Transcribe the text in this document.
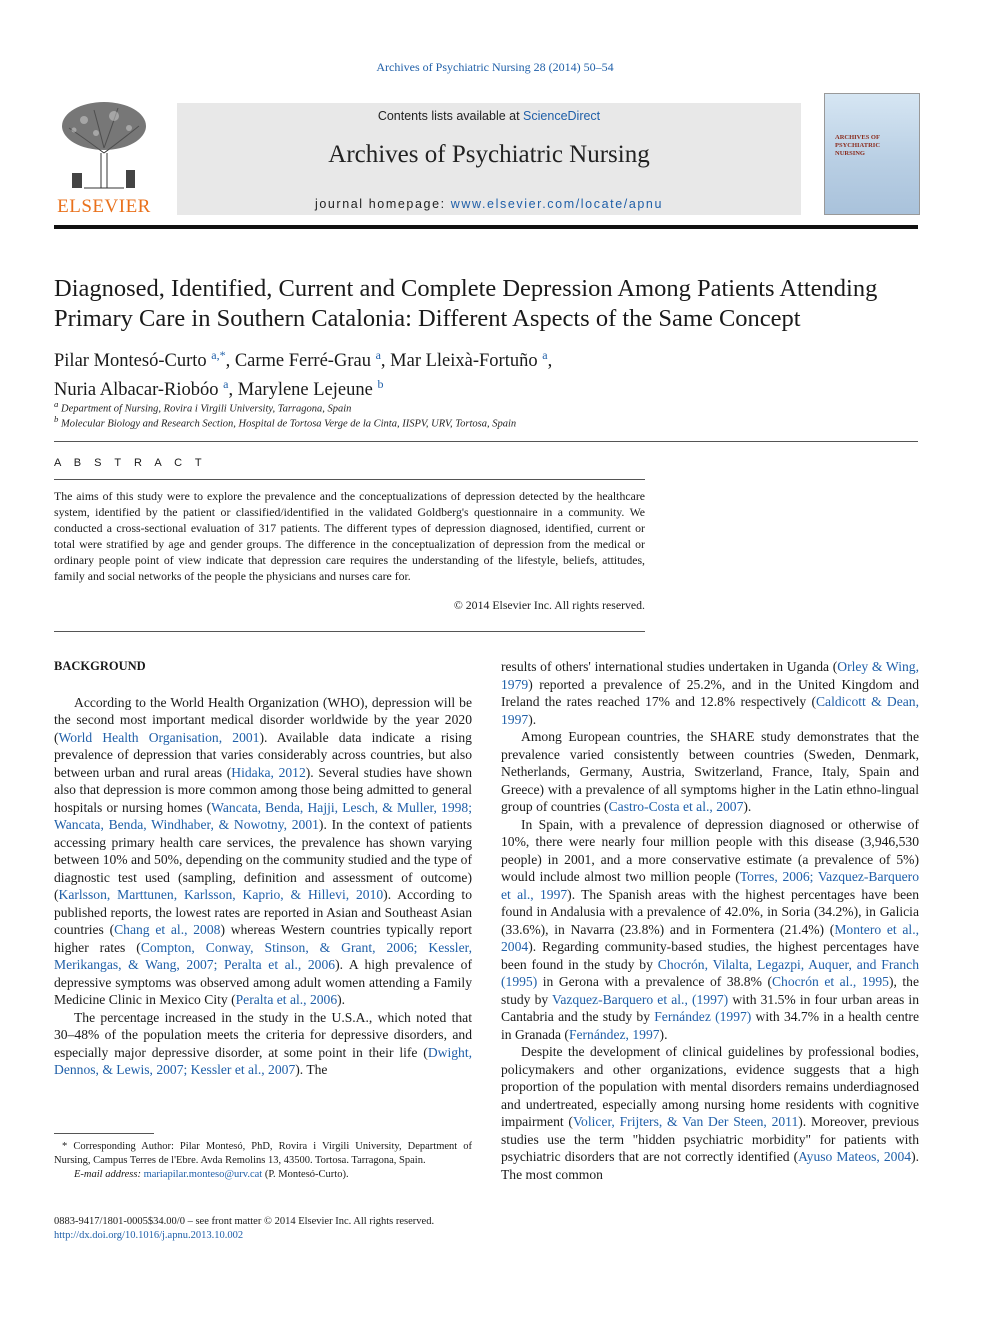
Archives of Psychiatric Nursing 28 (2014) 50–54
ELSEVIER
Contents lists available at ScienceDirect
Archives of Psychiatric Nursing
journal homepage: www.elsevier.com/locate/apnu
ARCHIVES OF PSYCHIATRIC NURSING
Diagnosed, Identified, Current and Complete Depression Among Patients Attending Primary Care in Southern Catalonia: Different Aspects of the Same Concept
Pilar Montesó-Curto $^{a,*}$, Carme Ferré-Grau $^a$, Mar Lleixà-Fortuño $^a$,
Nuria Albacar-Riobóo $^a$, Marylene Lejeune $^b$
$^a$ Department of Nursing, Rovira i Virgili University, Tarragona, Spain
$^b$ Molecular Biology and Research Section, Hospital de Tortosa Verge de la Cinta, IISPV, URV, Tortosa, Spain
A B S T R A C T
The aims of this study were to explore the prevalence and the conceptualizations of depression detected by the healthcare system, identified by the patient or classified/identified in the validated Goldberg's questionnaire in a community. We conducted a cross-sectional evaluation of 317 patients. The different types of depression diagnosed, identified, current or total were stratified by age and gender groups. The difference in the conceptualization of depression from the medical or ordinary people point of view indicate that depression care requires the understanding of the lifestyle, beliefs, attitudes, family and social networks of the people the physicians and nurses care for.
© 2014 Elsevier Inc. All rights reserved.
BACKGROUND

According to the World Health Organization (WHO), depression will be the second most important medical disorder worldwide by the year 2020 (World Health Organisation, 2001). Available data indicate a rising prevalence of depression that varies considerably across countries, but also between urban and rural areas (Hidaka, 2012). Several studies have shown also that depression is more common among those being admitted to general hospitals or nursing homes (Wancata, Benda, Hajji, Lesch, & Muller, 1998; Wancata, Benda, Windhaber, & Nowotny, 2001). In the context of patients accessing primary health care services, the prevalence has shown varying between 10% and 50%, depending on the community studied and the type of diagnostic test used (sampling, definition and assessment of outcome) (Karlsson, Marttunen, Karlsson, Kaprio, & Hillevi, 2010). According to published reports, the lowest rates are reported in Asian and Southeast Asian countries (Chang et al., 2008) whereas Western countries typically report higher rates (Compton, Conway, Stinson, & Grant, 2006; Kessler, Merikangas, & Wang, 2007; Peralta et al., 2006). A high prevalence of depressive symptoms was observed among adult women attending a Family Medicine Clinic in Mexico City (Peralta et al., 2006).

The percentage increased in the study in the U.S.A., which noted that 30–48% of the population meets the criteria for depressive disorders, and especially major depressive disorder, at some point in their life (Dwight, Dennos, & Lewis, 2007; Kessler et al., 2007). The

results of others' international studies undertaken in Uganda (Orley & Wing, 1979) reported a prevalence of 25.2%, and in the United Kingdom and Ireland the rates reached 17% and 12.8% respectively (Caldicott & Dean, 1997).

Among European countries, the SHARE study demonstrates that the prevalence varied consistently between countries (Sweden, Denmark, Netherlands, Germany, Austria, Switzerland, France, Italy, Spain and Greece) with a prevalence of all symptoms higher in the Latin ethno-lingual group of countries (Castro-Costa et al., 2007).

In Spain, with a prevalence of depression diagnosed or otherwise of 10%, there were nearly four million people with this disease (3,946,530 people) in 2001, and a more conservative estimate (a prevalence of 5%) would include almost two million people (Torres, 2006; Vazquez-Barquero et al., 1997). The Spanish areas with the highest percentages have been found in Andalusia with a prevalence of 42.0%, in Soria (34.2%), in Galicia (33.6%), in Navarra (23.8%) and in Formentera (21.4%) (Montero et al., 2004). Regarding community-based studies, the highest percentages have been found in the study by Chocrón, Vilalta, Legazpi, Auquer, and Franch (1995) in Gerona with a prevalence of 38.8% (Chocrón et al., 1995), the study by Vazquez-Barquero et al., (1997) with 31.5% in four urban areas in Cantabria and the study by Fernández (1997) with 34.7% in a health centre in Granada (Fernández, 1997).

Despite the development of clinical guidelines by professional bodies, policymakers and other organizations, evidence suggests that a high proportion of the population with mental disorders remains underdiagnosed and undertreated, especially among nursing home residents with cognitive impairment (Volicer, Frijters, & Van Der Steen, 2011). Moreover, previous studies use the term "hidden psychiatric morbidity" for patients with psychiatric disorders that are not correctly identified (Ayuso Mateos, 2004). The most common

* Corresponding Author: Pilar Montesó, PhD, Rovira i Virgili University, Department of Nursing, Campus Terres de l'Ebre. Avda Remolins 13, 43500. Tortosa. Tarragona, Spain.
E-mail address: mariapilar.monteso@urv.cat (P. Montesó-Curto).
0883-9417/1801-0005$34.00/0 – see front matter © 2014 Elsevier Inc. All rights reserved.
http://dx.doi.org/10.1016/j.apnu.2013.10.002
